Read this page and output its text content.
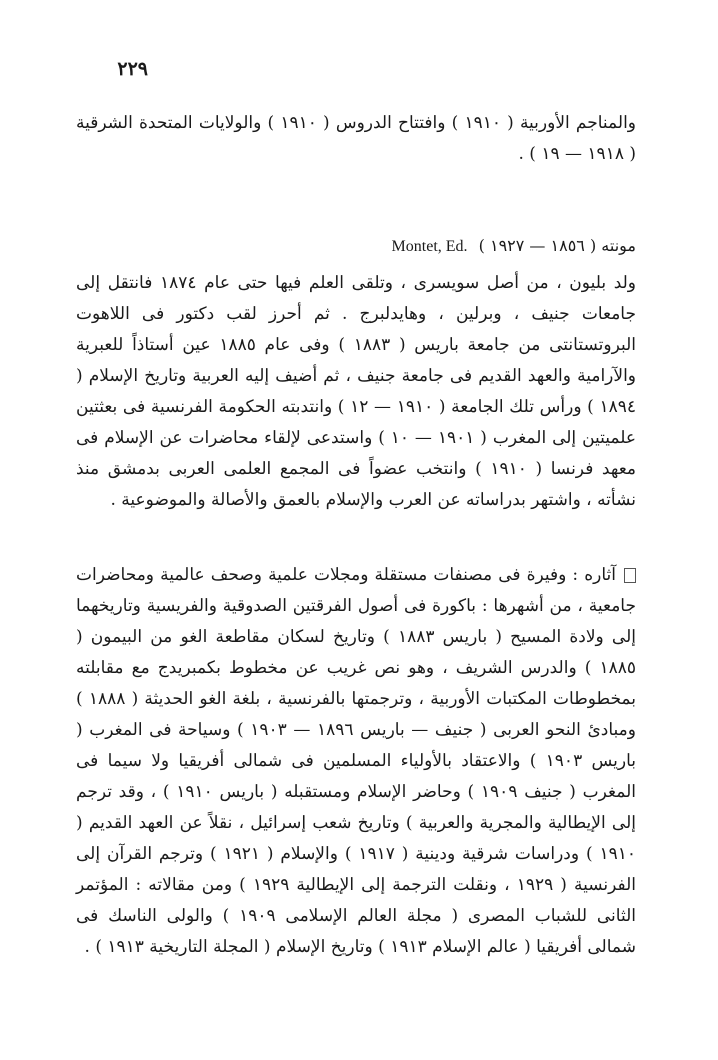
٢٢٩
والمناجم الأوربية ( ١٩١٠ ) وافتتاح الدروس ( ١٩١٠ ) والولايات المتحدة الشرقية ( ١٩١٨ — ١٩ ) .
مونته ( ١٨٥٦ — ١٩٢٧ ) Montet, Ed.
ولد بليون ، من أصل سويسرى ، وتلقى العلم فيها حتى عام ١٨٧٤ فانتقل إلى جامعات جنيف ، وبرلين ، وهايدلبرج . ثم أحرز لقب دكتور فى اللاهوت البروتستانتى من جامعة باريس ( ١٨٨٣ ) وفى عام ١٨٨٥ عين أستاذاً للعبرية والآرامية والعهد القديم فى جامعة جنيف ، ثم أضيف إليه العربية وتاريخ الإسلام ( ١٨٩٤ ) ورأس تلك الجامعة ( ١٩١٠ — ١٢ ) وانتدبته الحكومة الفرنسية فى بعثتين علميتين إلى المغرب ( ١٩٠١ — ١٠ ) واستدعى لإلقاء محاضرات عن الإسلام فى معهد فرنسا ( ١٩١٠ ) وانتخب عضواً فى المجمع العلمى العربى بدمشق منذ نشأته ، واشتهر بدراساته عن العرب والإسلام بالعمق والأصالة والموضوعية .
آثاره : وفيرة فى مصنفات مستقلة ومجلات علمية وصحف عالمية ومحاضرات جامعية ، من أشهرها : باكورة فى أصول الفرقتين الصدوقية والفريسية وتاريخهما إلى ولادة المسيح ( باريس ١٨٨٣ ) وتاريخ لسكان مقاطعة الغو من البيمون ( ١٨٨٥ ) والدرس الشريف ، وهو نص غريب عن مخطوط بكمبريدج مع مقابلته بمخطوطات المكتبات الأوربية ، وترجمتها بالفرنسية ، بلغة الغو الحديثة ( ١٨٨٨ ) ومبادئ النحو العربى ( جنيف — باريس ١٨٩٦ — ١٩٠٣ ) وسياحة فى المغرب ( باريس ١٩٠٣ ) والاعتقاد بالأولياء المسلمين فى شمالى أفريقيا ولا سيما فى المغرب ( جنيف ١٩٠٩ ) وحاضر الإسلام ومستقبله ( باريس ١٩١٠ ) ، وقد ترجم إلى الإيطالية والمجرية والعربية ) وتاريخ شعب إسرائيل ، نقلاً عن العهد القديم ( ١٩١٠ ) ودراسات شرقية ودينية ( ١٩١٧ ) والإسلام ( ١٩٢١ ) وترجم القرآن إلى الفرنسية ( ١٩٢٩ ، ونقلت الترجمة إلى الإيطالية ١٩٢٩ ) ومن مقالاته : المؤتمر الثانى للشباب المصرى ( مجلة العالم الإسلامى ١٩٠٩ ) والولى الناسك فى شمالى أفريقيا ( عالم الإسلام ١٩١٣ ) وتاريخ الإسلام ( المجلة التاريخية ١٩١٣ ) .
